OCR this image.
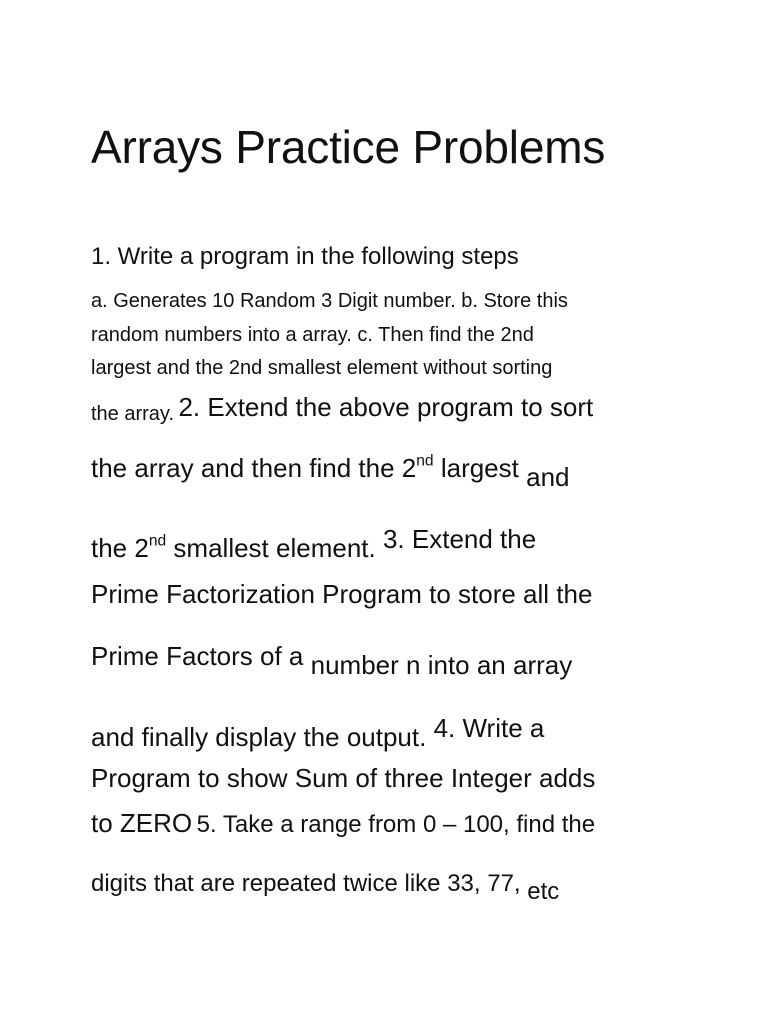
Arrays Practice Problems
1. Write a program in the following steps
a. Generates 10 Random 3 Digit number. b. Store this
random numbers into a array. c. Then find the 2nd
largest and the 2nd smallest element without sorting
the array. 2. Extend the above program to sort
the array and then find the 2nd largest and
the 2nd smallest element. 3. Extend the
Prime Factorization Program to store all the
Prime Factors of a number n into an array
and finally display the output. 4. Write a
Program to show Sum of three Integer adds
to ZERO 5. Take a range from 0 – 100, find the
digits that are repeated twice like 33, 77, etc
